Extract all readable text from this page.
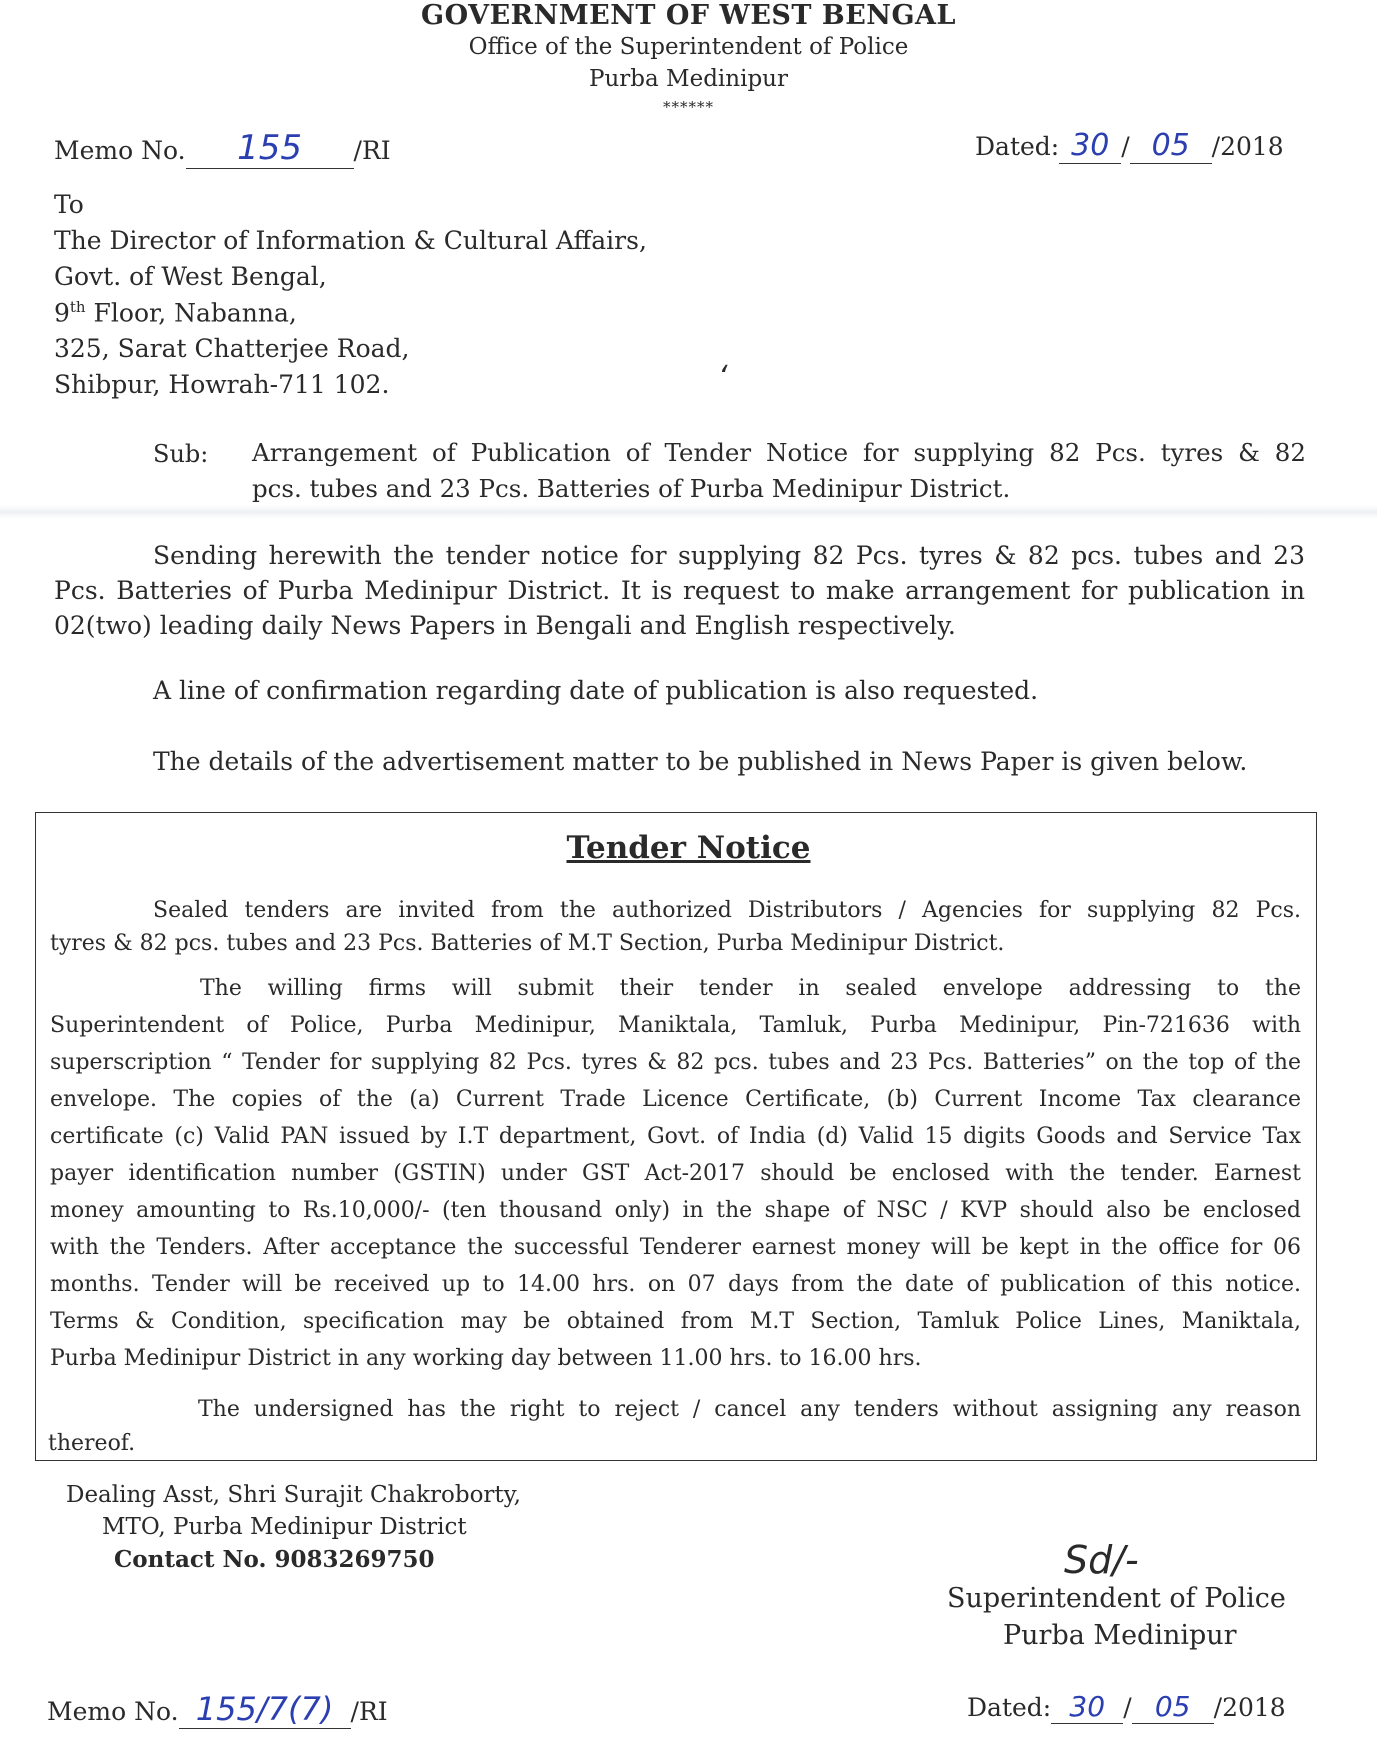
GOVERNMENT OF WEST BENGAL
Office of the Superintendent of Police
Purba Medinipur
******
Memo No. 155 /RI	Dated: 30 / 05 /2018
To
The Director of Information & Cultural Affairs,
Govt. of West Bengal,
9th Floor, Nabanna,
325, Sarat Chatterjee Road,
Shibpur, Howrah-711 102.	‘
Sub: Arrangement of Publication of Tender Notice for supplying 82 Pcs. tyres & 82
pcs. tubes and 23 Pcs. Batteries of Purba Medinipur District.
Sending herewith the tender notice for supplying 82 Pcs. tyres & 82 pcs. tubes and 23
Pcs. Batteries of Purba Medinipur District. It is request to make arrangement for publication in
02(two) leading daily News Papers in Bengali and English respectively.
A line of confirmation regarding date of publication is also requested.
The details of the advertisement matter to be published in News Paper is given below.
Tender Notice
Sealed tenders are invited from the authorized Distributors / Agencies for supplying 82 Pcs.
tyres & 82 pcs. tubes and 23 Pcs. Batteries of M.T Section, Purba Medinipur District.
The willing firms will submit their tender in sealed envelope addressing to the
Superintendent of Police, Purba Medinipur, Maniktala, Tamluk, Purba Medinipur, Pin-721636 with
superscription “ Tender for supplying 82 Pcs. tyres & 82 pcs. tubes and 23 Pcs. Batteries” on the top of the
envelope. The copies of the (a) Current Trade Licence Certificate, (b) Current Income Tax clearance
certificate (c) Valid PAN issued by I.T department, Govt. of India (d) Valid 15 digits Goods and Service Tax
payer identification number (GSTIN) under GST Act-2017 should be enclosed with the tender. Earnest
money amounting to Rs.10,000/- (ten thousand only) in the shape of NSC / KVP should also be enclosed
with the Tenders. After acceptance the successful Tenderer earnest money will be kept in the office for 06
months. Tender will be received up to 14.00 hrs. on 07 days from the date of publication of this notice.
Terms & Condition, specification may be obtained from M.T Section, Tamluk Police Lines, Maniktala,
Purba Medinipur District in any working day between 11.00 hrs. to 16.00 hrs.
The undersigned has the right to reject / cancel any tenders without assigning any reason
thereof.
Dealing Asst, Shri Surajit Chakroborty,
MTO, Purba Medinipur District
Contact No. 9083269750	Sd/-
Superintendent of Police
Purba Medinipur
Memo No. 155/7(7) /RI	Dated: 30 / 05 /2018
